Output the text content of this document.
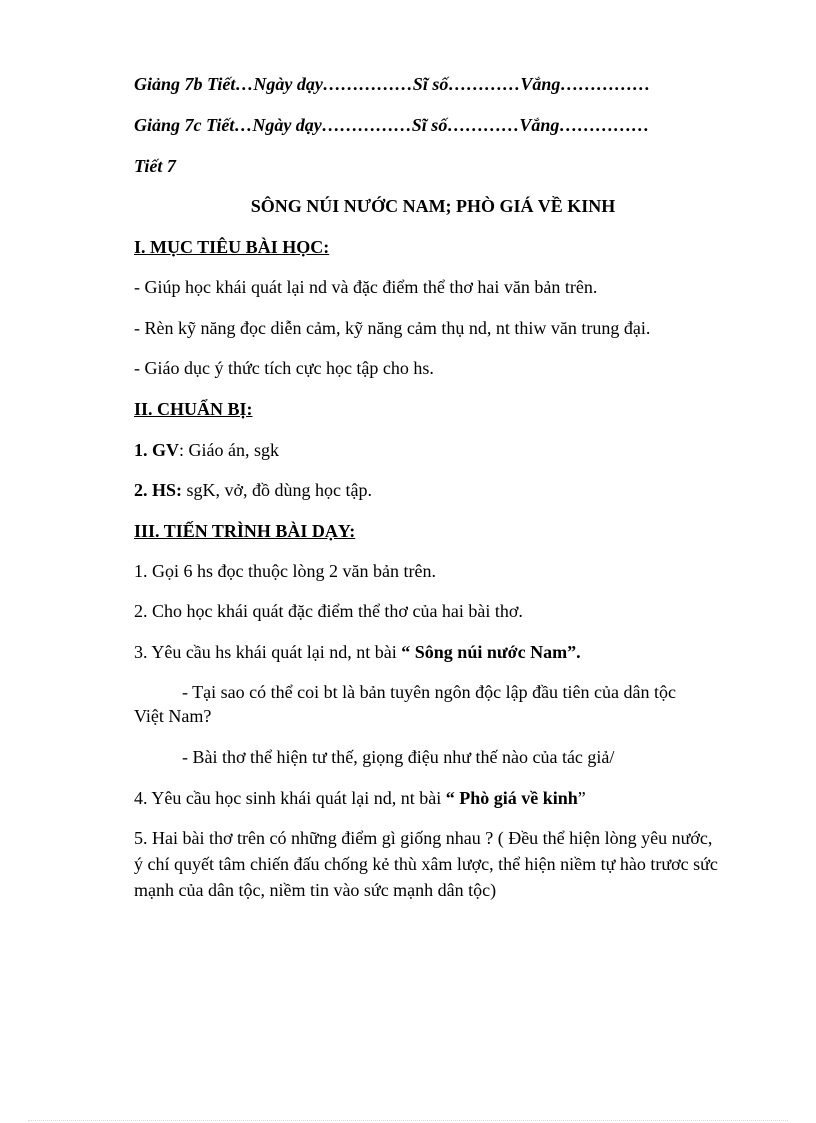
Giảng 7b Tiết…Ngày dạy……………Sĩ số…………Vắng……………
Giảng 7c Tiết…Ngày dạy……………Sĩ số…………Vắng……………
Tiết 7
SÔNG NÚI NƯỚC NAM; PHÒ GIÁ VỀ KINH
I. MỤC TIÊU BÀI HỌC:
- Giúp học khái quát lại nd và đặc điểm thể thơ hai văn bản trên.
- Rèn kỹ năng đọc diễn cảm, kỹ năng cảm thụ nd, nt thiw văn trung đại.
- Giáo dục ý thức tích cực học tập cho hs.
II. CHUẨN BỊ:
1. GV: Giáo án, sgk
2. HS: sgK, vở, đồ dùng học tập.
III. TIẾN TRÌNH BÀI DẠY:
1. Gọi 6 hs đọc thuộc lòng 2 văn bản trên.
2. Cho học khái quát đặc điểm thể thơ của hai bài thơ.
3. Yêu cầu hs khái quát lại nd, nt bài “ Sông núi nước Nam”.
- Tại sao có thể coi bt là bản tuyên ngôn độc lập đầu tiên của dân tộc
Việt Nam?
- Bài thơ thể hiện tư thế, giọng điệu như thế nào của tác giả/
4. Yêu cầu học sinh khái quát lại nd, nt bài “ Phò giá về kinh”
5. Hai bài thơ trên có những điểm gì giống nhau ? ( Đều thể hiện lòng yêu nước, ý chí quyết tâm chiến đấu chống kẻ thù xâm lược, thể hiện niềm tự hào trươc sức mạnh của dân tộc, niềm tin vào sức mạnh dân tộc)
